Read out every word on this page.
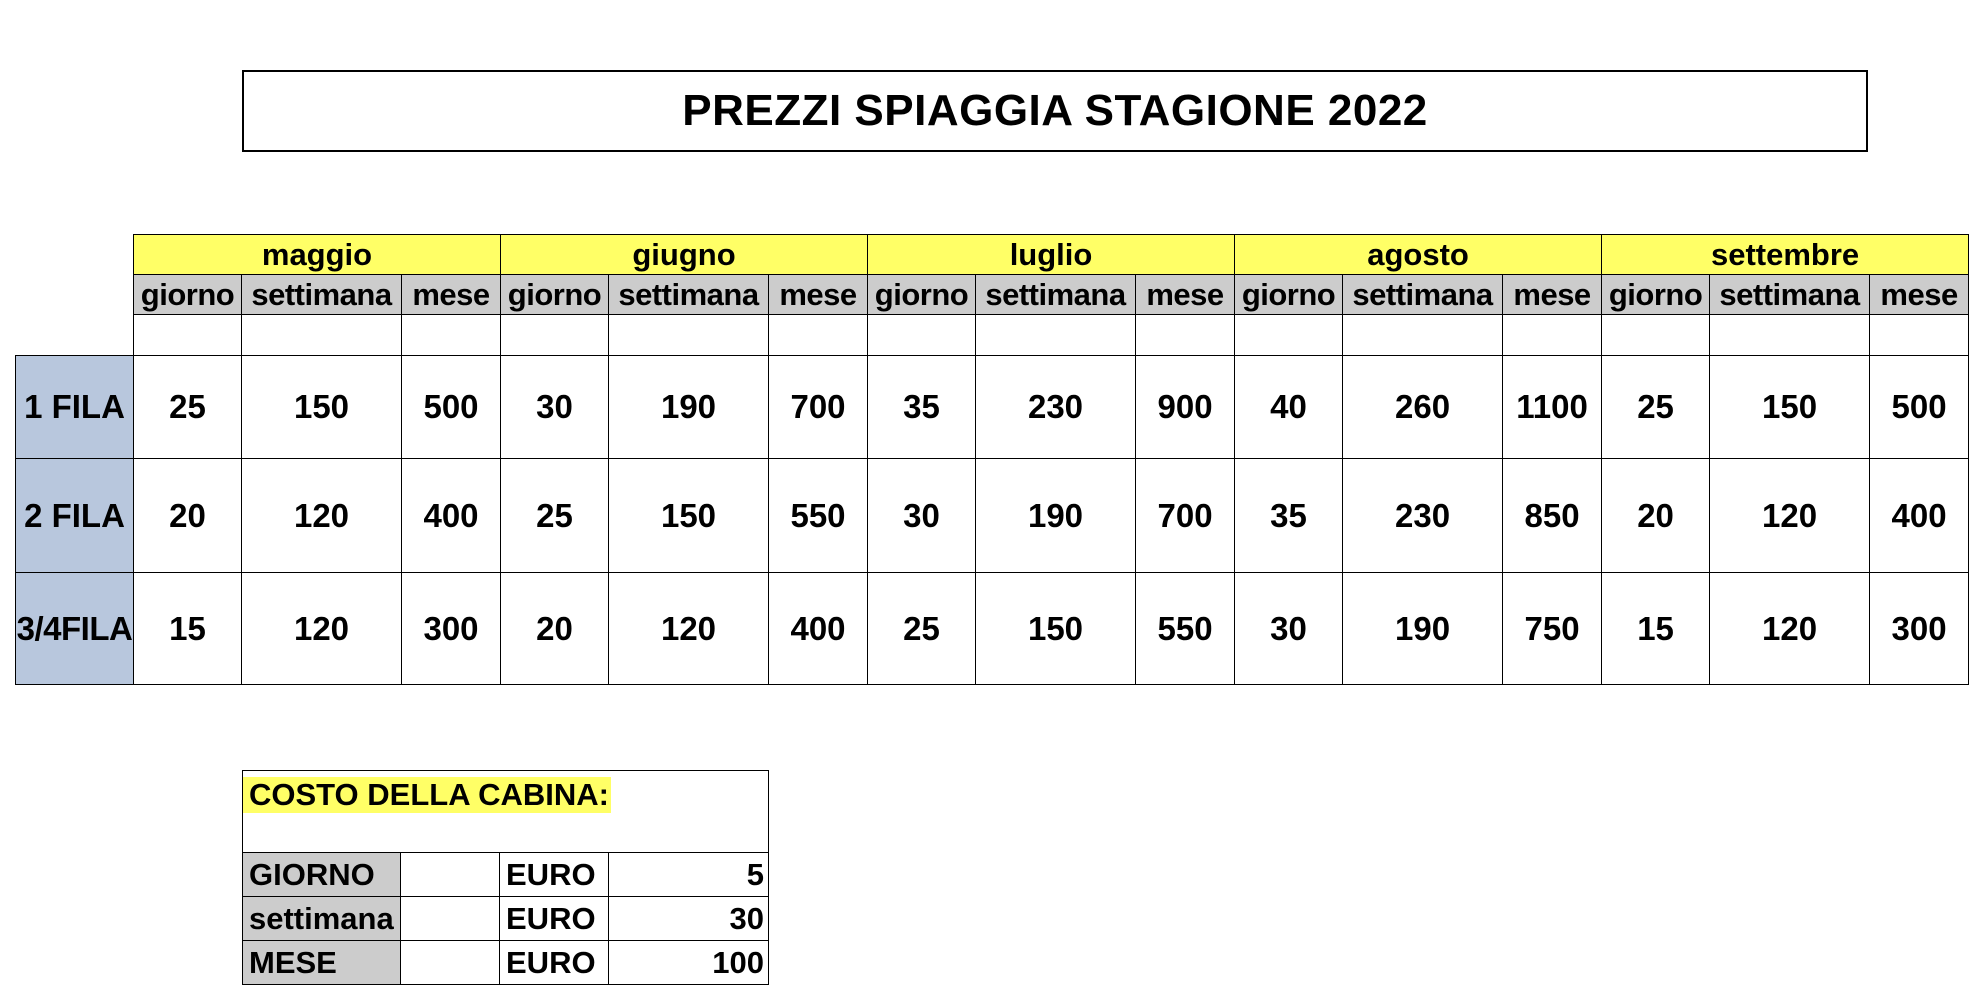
PREZZI SPIAGGIA STAGIONE 2022
	maggio			giugno			luglio			agosto			settembre		
	giorno	settimana	mese	giorno	settimana	mese	giorno	settimana	mese	giorno	settimana	mese	giorno	settimana	mese

1 FILA	25	150	500	30	190	700	35	230	900	40	260	1100	25	150	500
2 FILA	20	120	400	25	150	550	30	190	700	35	230	850	20	120	400
3/4FILA	15	120	300	20	120	400	25	150	550	30	190	750	15	120	300
COSTO DELLA CABINA:			

GIORNO		EURO	5
settimana		EURO	30
MESE		EURO	100
